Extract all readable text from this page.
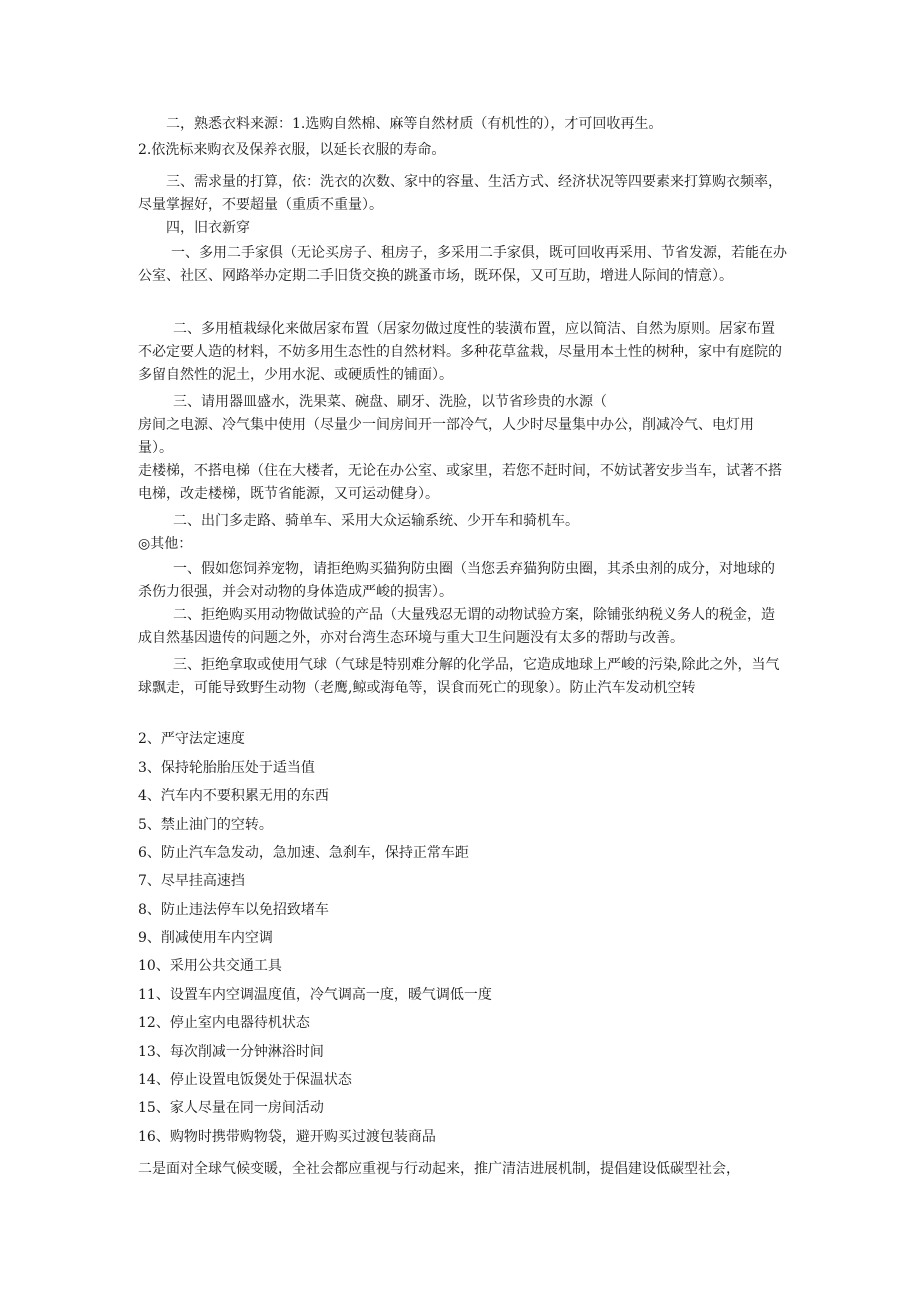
二，熟悉衣料来源：1.选购自然棉、麻等自然材质（有机性的），才可回收再生。

2.依洗标来购衣及保养衣服，以延长衣服的寿命。

三、需求量的打算，依：洗衣的次数、家中的容量、生活方式、经济状况等四要素来打算购衣频率，尽量掌握好，不要超量（重质不重量）。

四，旧衣新穿

一、多用二手家俱（无论买房子、租房子，多采用二手家俱，既可回收再采用、节省发源，若能在办公室、社区、网路举办定期二手旧货交换的跳蚤市场，既环保，又可互助，增进人际间的情意）。

二、多用植栽绿化来做居家布置（居家勿做过度性的装潢布置，应以简洁、自然为原则。居家布置不必定要人造的材料，不妨多用生态性的自然材料。多种花草盆栽，尽量用本土性的树种，家中有庭院的多留自然性的泥土，少用水泥、或硬质性的铺面）。

三、请用器皿盛水，洗果菜、碗盘、刷牙、洗脸，以节省珍贵的水源（

房间之电源、冷气集中使用（尽量少一间房间开一部冷气，人少时尽量集中办公，削减冷气、电灯用量）。

走楼梯，不搭电梯（住在大楼者，无论在办公室、或家里，若您不赶时间，不妨试著安步当车，试著不搭电梯，改走楼梯，既节省能源，又可运动健身）。

二、出门多走路、骑单车、采用大众运输系统、少开车和骑机车。

◎其他：

一、假如您饲养宠物，请拒绝购买猫狗防虫圈（当您丢弃猫狗防虫圈，其杀虫剂的成分，对地球的杀伤力很强，并会对动物的身体造成严峻的损害）。

二、拒绝购买用动物做试验的产品（大量残忍无谓的动物试验方案，除铺张纳税义务人的税金，造成自然基因遗传的问题之外，亦对台湾生态环境与重大卫生问题没有太多的帮助与改善。

三、拒绝拿取或使用气球（气球是特别难分解的化学品，它造成地球上严峻的污染,除此之外，当气球飘走，可能导致野生动物（老鹰,鲸或海龟等，误食而死亡的现象）。防止汽车发动机空转

2、严守法定速度

3、保持轮胎胎压处于适当值

4、汽车内不要积累无用的东西

5、禁止油门的空转。

6、防止汽车急发动，急加速、急刹车，保持正常车距

7、尽早挂高速挡

8、防止违法停车以免招致堵车

9、削减使用车内空调

10、采用公共交通工具

11、设置车内空调温度值，冷气调高一度，暖气调低一度

12、停止室内电器待机状态

13、每次削减一分钟淋浴时间

14、停止设置电饭煲处于保温状态

15、家人尽量在同一房间活动

16、购物时携带购物袋，避开购买过渡包装商品

二是面对全球气候变暖，全社会都应重视与行动起来，推广清洁进展机制，提倡建设低碳型社会，
